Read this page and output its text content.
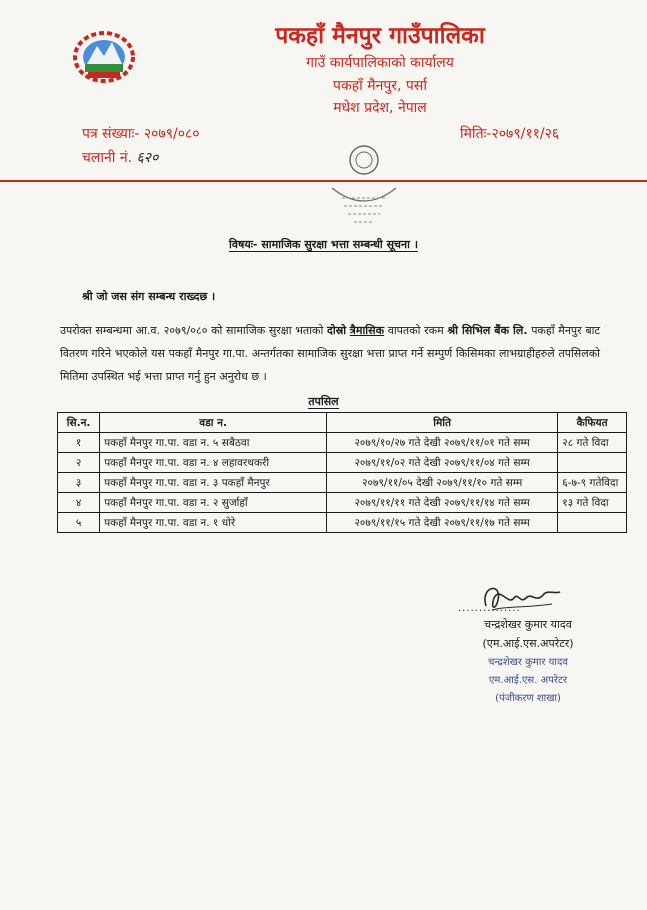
पकहाँ मैनपुर गाउँपालिका
गाउँ कार्यपालिकाको कार्यालय
पकहाँ मैनपुर, पर्सा
मधेश प्रदेश, नेपाल
पत्र संख्याः- २०७९/०८०
चलानी नं. ६२०
मितिः-२०७९/११/२६
विषयः- सामाजिक सुरक्षा भत्ता सम्बन्धी सूचना ।
श्री जो जस संग सम्बन्ध राख्दछ ।
उपरोक्त सम्बन्धमा आ.व. २०७९/०८० को सामाजिक सुरक्षा भताको दोस्रो त्रैमासिक वापतको रकम श्री सिभिल बैंक लि. पकहाँ मैनपुर बाट वितरण गरिने भएकोले यस पकहाँ मैनपुर गा.पा. अन्तर्गतका सामाजिक सुरक्षा भत्ता प्राप्त गर्ने सम्पुर्ण किसिमका लाभग्राहीहरुले तपसिलको मितिमा उपस्थित भई भत्ता प्राप्त गर्नु हुन अनुरोध छ ।
तपसिल
सि.न.	वडा न.	मिति	कैफियत
१	पकहाँ मैनपुर गा.पा. वडा न. ५ सबैठवा	२०७९/१०/२७ गते देखी २०७९/११/०१ गते सम्म	२८ गते विदा
२	पकहाँ मैनपुर गा.पा. वडा न. ४ लहावरथकरी	२०७९/११/०२ गते देखी २०७९/११/०४ गते सम्म	
३	पकहाँ मैनपुर गा.पा. वडा न. ३ पकहाँ मैनपुर	२०७९/११/०५ देखी २०७९/११/१० गते सम्म	६-७-९ गतेविदा
४	पकहाँ मैनपुर गा.पा. वडा न. २ सुर्जाहाँ	२०७९/११/११ गते देखी २०७९/११/१४ गते सम्म	१३ गते विदा
५	पकहाँ मैनपुर गा.पा. वडा न. १ धोरे	२०७९/११/१५ गते देखी २०७९/११/१७ गते सम्म	
...............
चन्द्रशेखर कुमार यादव
(एम.आई.एस.अपरेटर)
चन्द्रशेखर कुमार यादव
एम.आई.एस. अपरेटर
(पंजीकरण शाखा)
